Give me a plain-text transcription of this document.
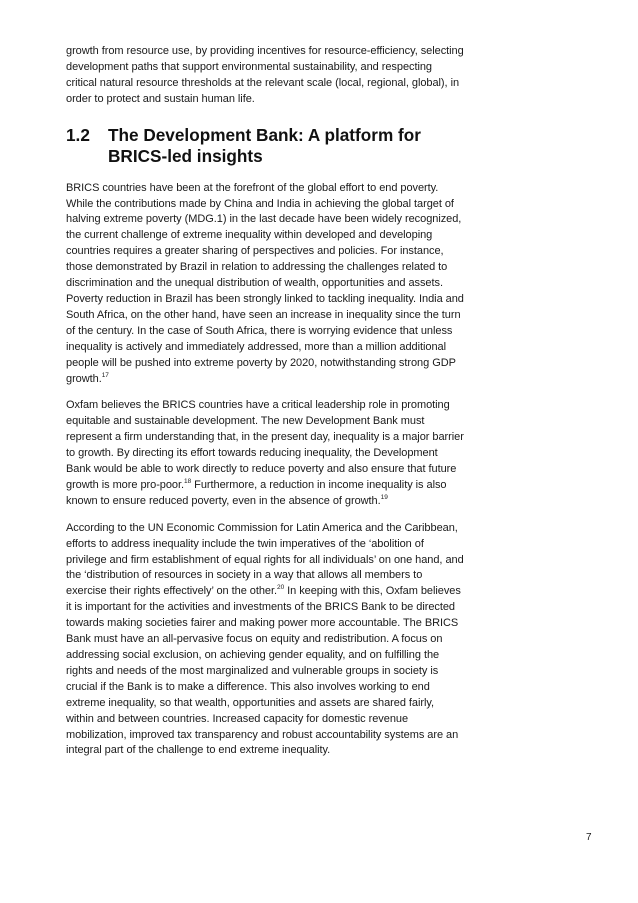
growth from resource use, by providing incentives for resource-efficiency, selecting development paths that support environmental sustainability, and respecting critical natural resource thresholds at the relevant scale (local, regional, global), in order to protect and sustain human life.

1.2	The Development Bank: A platform for BRICS-led insights

BRICS countries have been at the forefront of the global effort to end poverty. While the contributions made by China and India in achieving the global target of halving extreme poverty (MDG.1) in the last decade have been widely recognized, the current challenge of extreme inequality within developed and developing countries requires a greater sharing of perspectives and policies. For instance, those demonstrated by Brazil in relation to addressing the challenges related to discrimination and the unequal distribution of wealth, opportunities and assets. Poverty reduction in Brazil has been strongly linked to tackling inequality. India and South Africa, on the other hand, have seen an increase in inequality since the turn of the century. In the case of South Africa, there is worrying evidence that unless inequality is actively and immediately addressed, more than a million additional people will be pushed into extreme poverty by 2020, notwithstanding strong GDP growth.$^{17}$

Oxfam believes the BRICS countries have a critical leadership role in promoting equitable and sustainable development. The new Development Bank must represent a firm understanding that, in the present day, inequality is a major barrier to growth. By directing its effort towards reducing inequality, the Development Bank would be able to work directly to reduce poverty and also ensure that future growth is more pro-poor.$^{18}$ Furthermore, a reduction in income inequality is also known to ensure reduced poverty, even in the absence of growth.$^{19}$

According to the UN Economic Commission for Latin America and the Caribbean, efforts to address inequality include the twin imperatives of the ‘abolition of privilege and firm establishment of equal rights for all individuals’ on one hand, and the ‘distribution of resources in society in a way that allows all members to exercise their rights effectively’ on the other.$^{20}$ In keeping with this, Oxfam believes it is important for the activities and investments of the BRICS Bank to be directed towards making societies fairer and making power more accountable. The BRICS Bank must have an all-pervasive focus on equity and redistribution. A focus on addressing social exclusion, on achieving gender equality, and on fulfilling the rights and needs of the most marginalized and vulnerable groups in society is crucial if the Bank is to make a difference. This also involves working to end extreme inequality, so that wealth, opportunities and assets are shared fairly, within and between countries. Increased capacity for domestic revenue mobilization, improved tax transparency and robust accountability systems are an integral part of the challenge to end extreme inequality.

7
